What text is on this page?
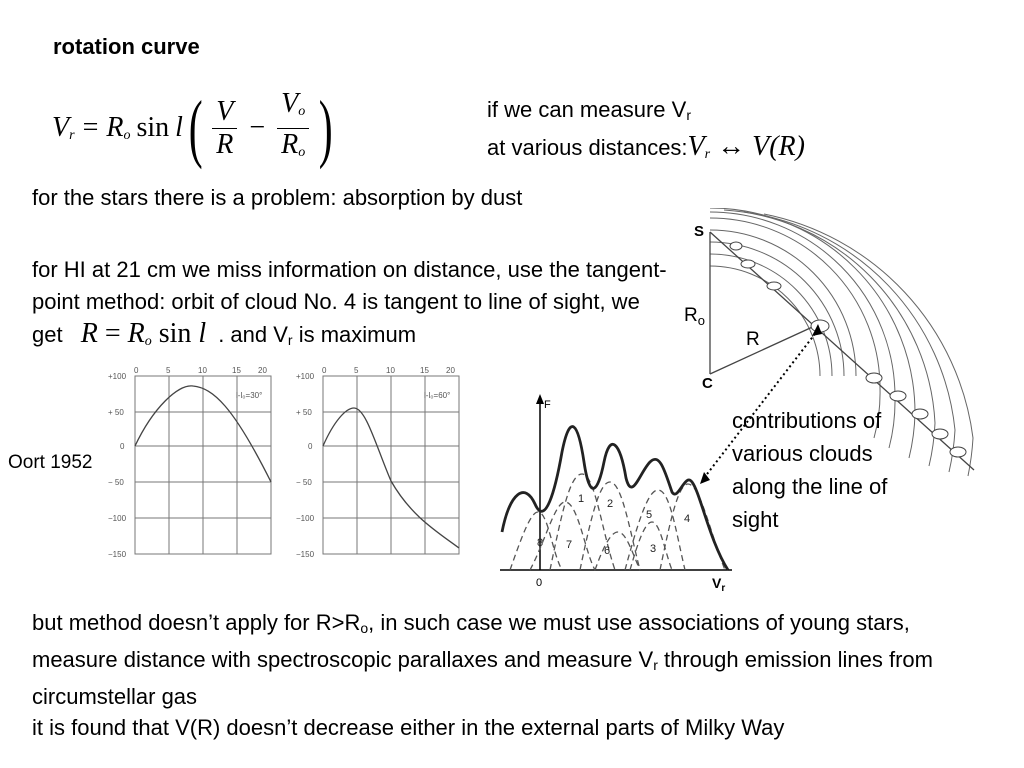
rotation curve
$V_r = R_o$ sin l ( $\frac{V}{R} - \frac{V_o}{R_o}$ )	if we can measure $V_r$
at various $distances:V_r$ ↔ V(R)
for the stars there is a problem: absorption by dust
for HI at 21 cm we miss information on distance, use the tangent-point method: orbit of cloud No. 4 is tangent to line of sight, we get $R = R_o$ sin l . and $V_r$ is maximum
Oort 1952
+100
+ 50
0
− 50
−100
−150
0	5	10	15 20
l-l₀=30°
+100
+ 50
0
− 50
−100
−150
0	5	10	15 20
l-l₀=60°
2
3
4
5
6
7
8
1
F
0	$V_r$
S
C
$R_o$
R
contributions of various clouds along the line of sight
but method doesn’t apply for $R>R_o$, in such case we must use associations of young stars, measure distance with spectroscopic parallaxes and measure $V_r$ through emission lines from circumstellar gas
it is found that V(R) doesn’t decrease either in the external parts of Milky Way
